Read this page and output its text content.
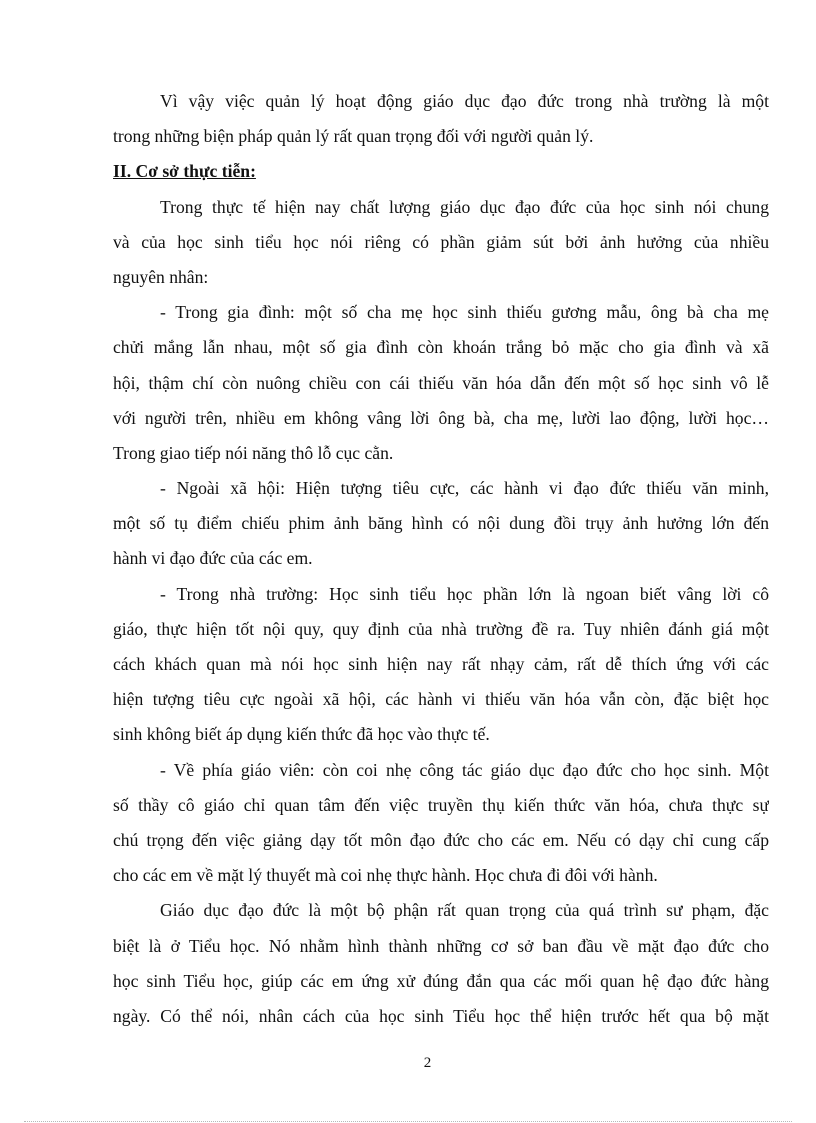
Vì vậy việc quản lý hoạt động giáo dục đạo đức trong nhà trường là một
trong những biện pháp quản lý rất quan trọng đối với người quản lý.
II. Cơ sở thực tiễn:
Trong thực tế hiện nay chất lượng giáo dục đạo đức của học sinh nói chung
và của học sinh tiểu học nói riêng có phần giảm sút bởi ảnh hưởng của nhiều
nguyên nhân:
- Trong gia đình: một số cha mẹ học sinh thiếu gương mẫu, ông bà cha mẹ
chửi mắng lẫn nhau, một số gia đình còn khoán trắng bỏ mặc cho gia đình và xã
hội, thậm chí còn nuông chiều con cái thiếu văn hóa dẫn đến một số học sinh vô lễ
với người trên, nhiều em không vâng lời ông bà, cha mẹ, lười lao động, lười học…
Trong giao tiếp nói năng thô lỗ cục cằn.
- Ngoài xã hội: Hiện tượng tiêu cực, các hành vi đạo đức thiếu văn minh,
một số tụ điểm chiếu phim ảnh băng hình có nội dung đồi trụy ảnh hưởng lớn đến
hành vi đạo đức của các em.
- Trong nhà trường: Học sinh tiểu học phần lớn là ngoan biết vâng lời cô
giáo, thực hiện tốt nội quy, quy định của nhà trường đề ra. Tuy nhiên đánh giá một
cách khách quan mà nói học sinh hiện nay rất nhạy cảm, rất dễ thích ứng với các
hiện tượng tiêu cực ngoài xã hội, các hành vi thiếu văn hóa vẫn còn, đặc biệt học
sinh không biết áp dụng kiến thức đã học vào thực tế.
- Về phía giáo viên: còn coi nhẹ công tác giáo dục đạo đức cho học sinh. Một
số thầy cô giáo chỉ quan tâm đến việc truyền thụ kiến thức văn hóa, chưa thực sự
chú trọng đến việc giảng dạy tốt môn đạo đức cho các em. Nếu có dạy chỉ cung cấp
cho các em về mặt lý thuyết mà coi nhẹ thực hành. Học chưa đi đôi với hành.
Giáo dục đạo đức là một bộ phận rất quan trọng của quá trình sư phạm, đặc
biệt là ở Tiểu học. Nó nhằm hình thành những cơ sở ban đầu về mặt đạo đức cho
học sinh Tiểu học, giúp các em ứng xử đúng đắn qua các mối quan hệ đạo đức hàng
ngày. Có thể nói, nhân cách của học sinh Tiểu học thể hiện trước hết qua bộ mặt
2
